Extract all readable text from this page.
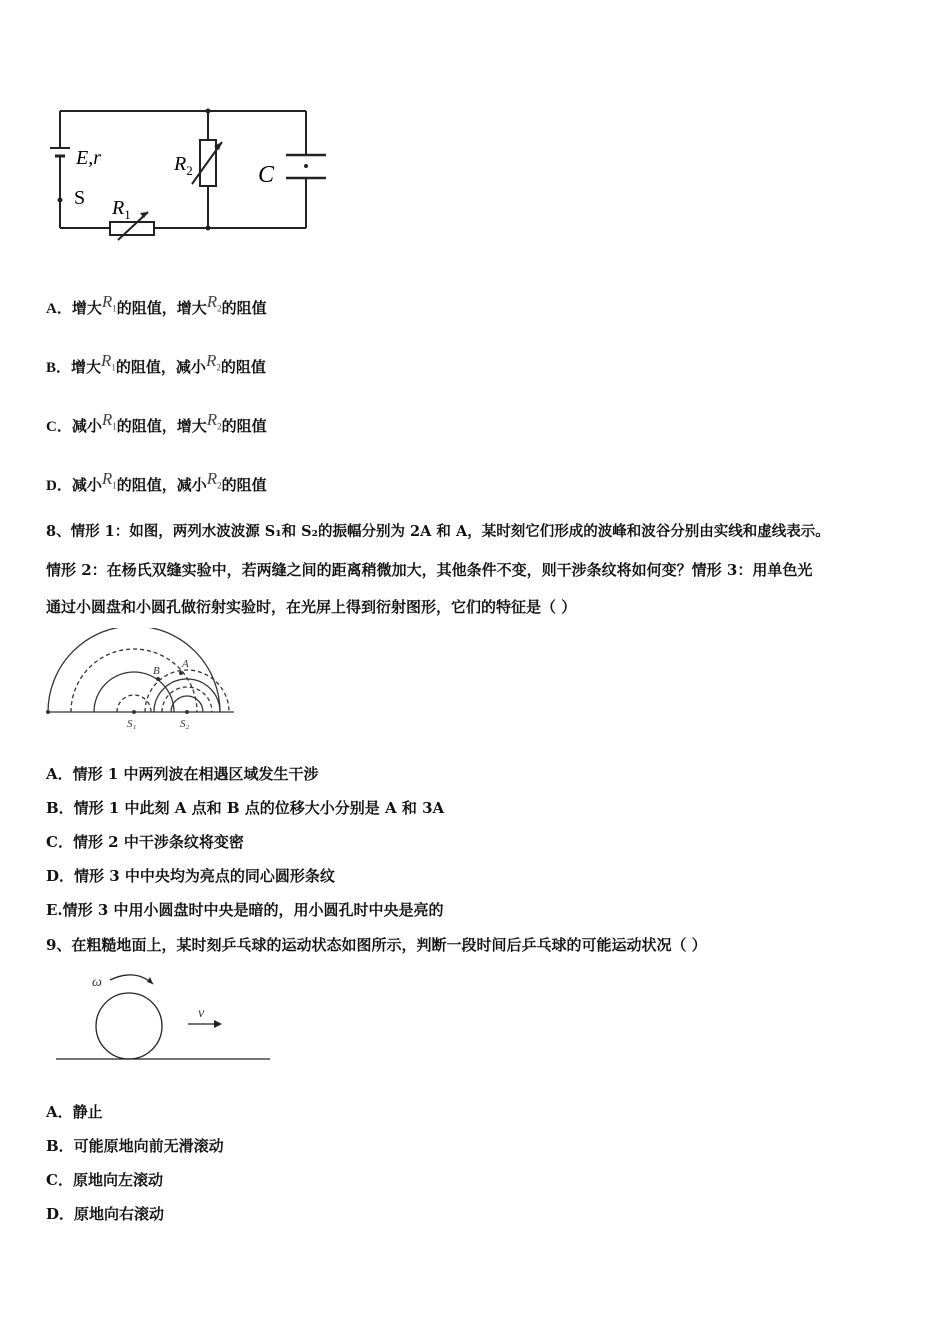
E,r
S $R_1$
$R_2$	C
A．增大$R_1$的阻值，增大$R_2$的阻值
B．增大$R_1$的阻值，减小$R_2$的阻值
C．减小$R_1$的阻值，增大$R_2$的阻值
D．减小$R_1$的阻值，减小$R_2$的阻值
8、情形 1：如图，两列水波波源 S₁和 S₂的振幅分别为 2A 和 A，某时刻它们形成的波峰和波谷分别由实线和虚线表示。
情形 2：在杨氏双缝实验中，若两缝之间的距离稍微加大，其他条件不变，则干涉条纹将如何变？情形 3：用单色光
通过小圆盘和小圆孔做衍射实验时，在光屏上得到衍射图形，它们的特征是（ ）
A
B
S₁	S₂
A．情形 1 中两列波在相遇区域发生干涉
B．情形 1 中此刻 A 点和 B 点的位移大小分别是 A 和 3A
C．情形 2 中干涉条纹将变密
D．情形 3 中中央均为亮点的同心圆形条纹
E.情形 3 中用小圆盘时中央是暗的，用小圆孔时中央是亮的
9、在粗糙地面上，某时刻乒乓球的运动状态如图所示，判断一段时间后乒乓球的可能运动状况（ ）
ω
v
A．静止
B．可能原地向前无滑滚动
C．原地向左滚动
D．原地向右滚动
